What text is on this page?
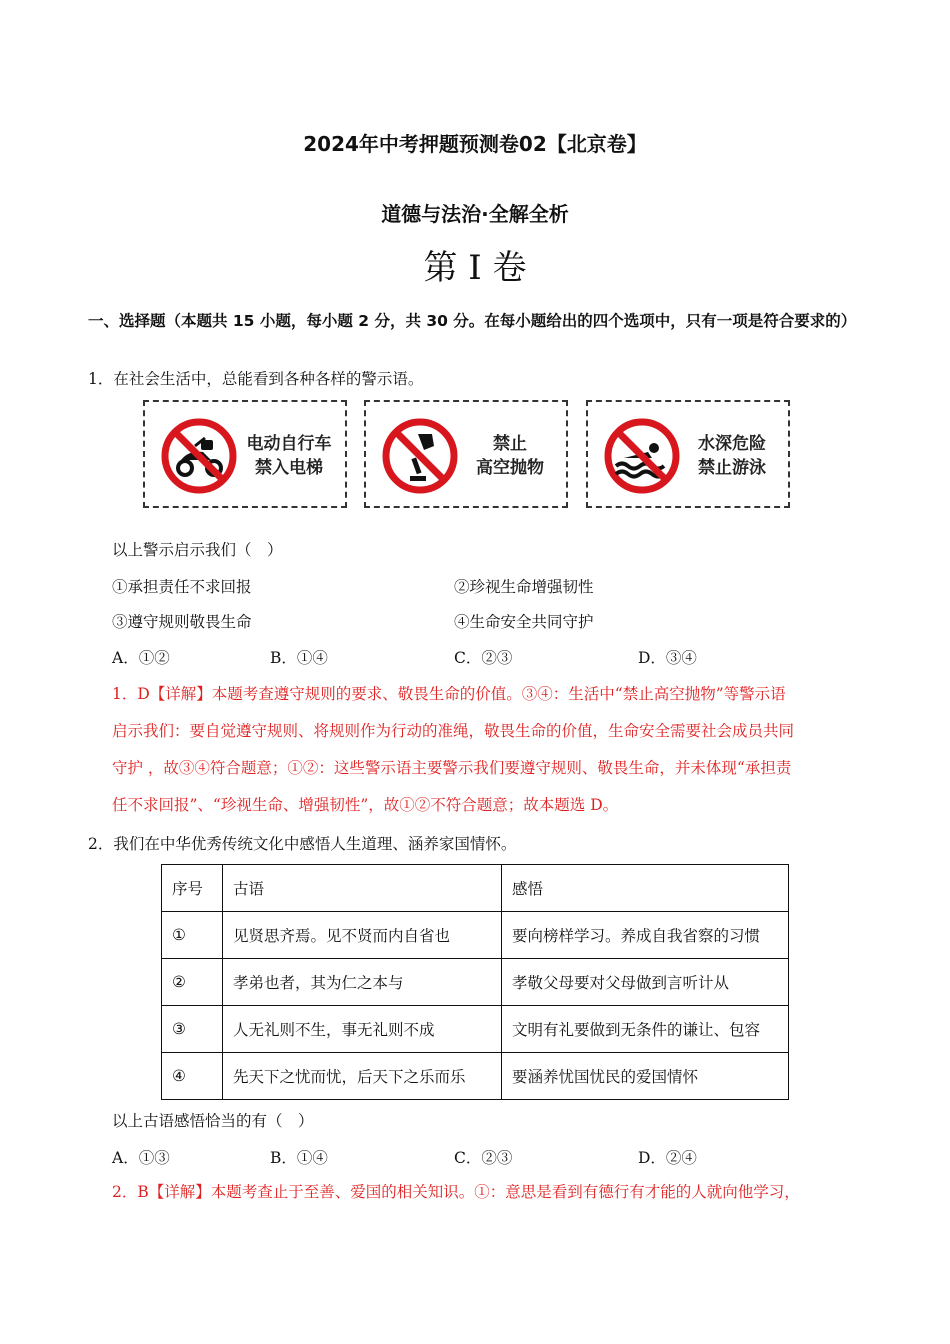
2024年中考押题预测卷02【北京卷】
道德与法治·全解全析
第 I 卷
一、选择题（本题共 15 小题，每小题 2 分，共 30 分。在每小题给出的四个选项中，只有一项是符合要求的）
1．在社会生活中，总能看到各种各样的警示语。
电动自行车
禁入电梯
禁止
高空抛物
水深危险
禁止游泳
以上警示启示我们（　）
①承担责任不求回报	②珍视生命增强韧性
③遵守规则敬畏生命	④生命安全共同守护
A．①②	B．①④	C．②③	D．③④
1．D【详解】本题考查遵守规则的要求、敬畏生命的价值。③④：生活中“禁止高空抛物”等警示语
启示我们：要自觉遵守规则、将规则作为行动的准绳，敬畏生命的价值，生命安全需要社会成员共同
守护 ，故③④符合题意；①②：这些警示语主要警示我们要遵守规则、敬畏生命，并未体现“承担责
任不求回报”、“珍视生命、增强韧性”，故①②不符合题意；故本题选 D。
2．我们在中华优秀传统文化中感悟人生道理、涵养家国情怀。
序号	古语	感悟
①	见贤思齐焉。见不贤而内自省也	要向榜样学习。养成自我省察的习惯
②	孝弟也者，其为仁之本与	孝敬父母要对父母做到言听计从
③	人无礼则不生，事无礼则不成	文明有礼要做到无条件的谦让、包容
④	先天下之忧而忧，后天下之乐而乐	要涵养忧国忧民的爱国情怀
以上古语感悟恰当的有（　）
A．①③	B．①④	C．②③	D．②④
2．B【详解】本题考查止于至善、爱国的相关知识。①：意思是看到有德行有才能的人就向他学习，
